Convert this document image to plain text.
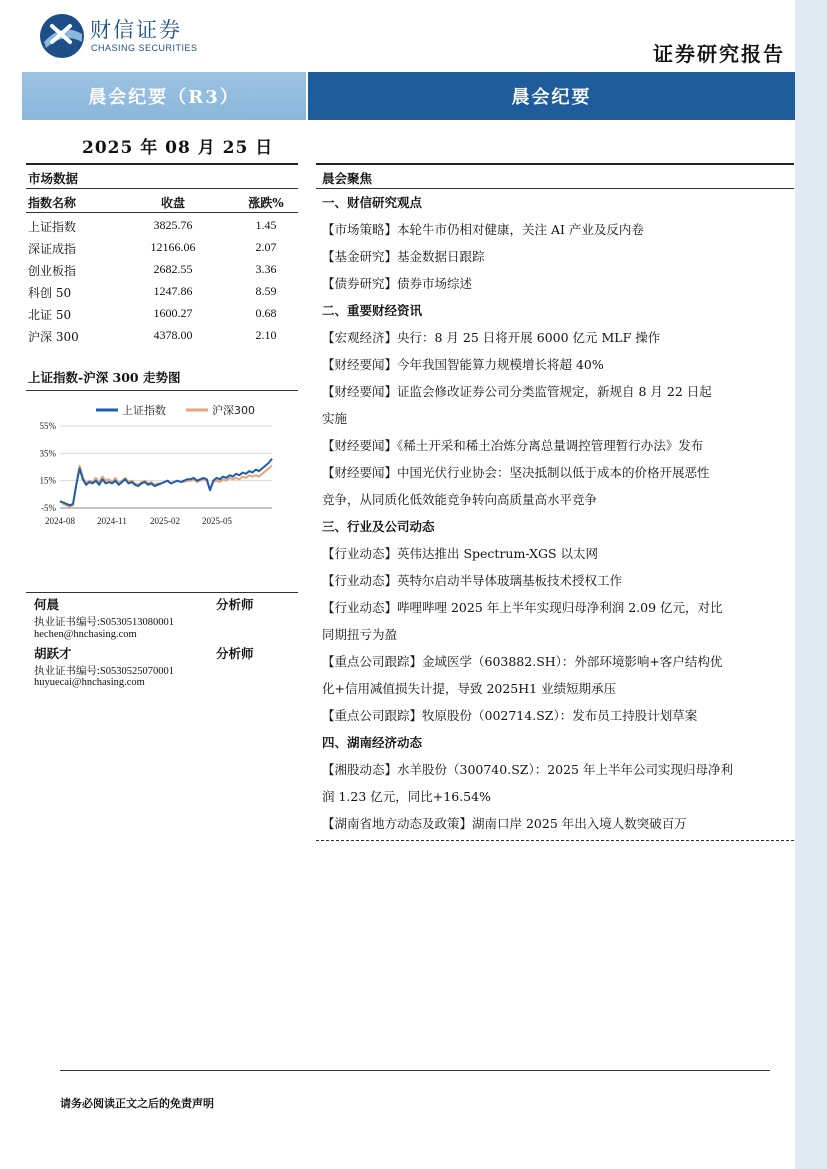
财信证券
CHASING SECURITIES	证券研究报告
晨会纪要（R3）	晨会纪要
2025 年 08 月 25 日
市场数据
指数名称	收盘	涨跌%
上证指数	3825.76	1.45
深证成指	12166.06	2.07
创业板指	2682.55	3.36
科创 50	1247.86	8.59
北证 50	1600.27	0.68
沪深 300	4378.00	2.10
上证指数-沪深 300 走势图
55%
35%
15%
-5%
2024-08 2024-11	2025-02 2025-05
上证指数	沪深300
何晨	分析师
执业证书编号:S0530513080001
hechen@hnchasing.com
胡跃才	分析师
执业证书编号:S0530525070001
huyuecai@hnchasing.com
晨会聚焦
一、财信研究观点
【市场策略】本轮牛市仍相对健康，关注 AI 产业及反内卷
【基金研究】基金数据日跟踪
【债券研究】债券市场综述
二、重要财经资讯
【宏观经济】央行：8 月 25 日将开展 6000 亿元 MLF 操作
【财经要闻】今年我国智能算力规模增长将超 40%
【财经要闻】证监会修改证券公司分类监管规定，新规自 8 月 22 日起
实施
【财经要闻】《稀土开采和稀土冶炼分离总量调控管理暂行办法》发布
【财经要闻】中国光伏行业协会：坚决抵制以低于成本的价格开展恶性
竞争，从同质化低效能竞争转向高质量高水平竞争
三、行业及公司动态
【行业动态】英伟达推出 Spectrum-XGS 以太网
【行业动态】英特尔启动半导体玻璃基板技术授权工作
【行业动态】哔哩哔哩 2025 年上半年实现归母净利润 2.09 亿元，对比
同期扭亏为盈
【重点公司跟踪】金域医学（603882.SH）：外部环境影响+客户结构优
化+信用减值损失计提，导致 2025H1 业绩短期承压
【重点公司跟踪】牧原股份（002714.SZ）：发布员工持股计划草案
四、湖南经济动态
【湘股动态】水羊股份（300740.SZ）：2025 年上半年公司实现归母净利
润 1.23 亿元，同比+16.54%
【湖南省地方动态及政策】湖南口岸 2025 年出入境人数突破百万
请务必阅读正文之后的免责声明
